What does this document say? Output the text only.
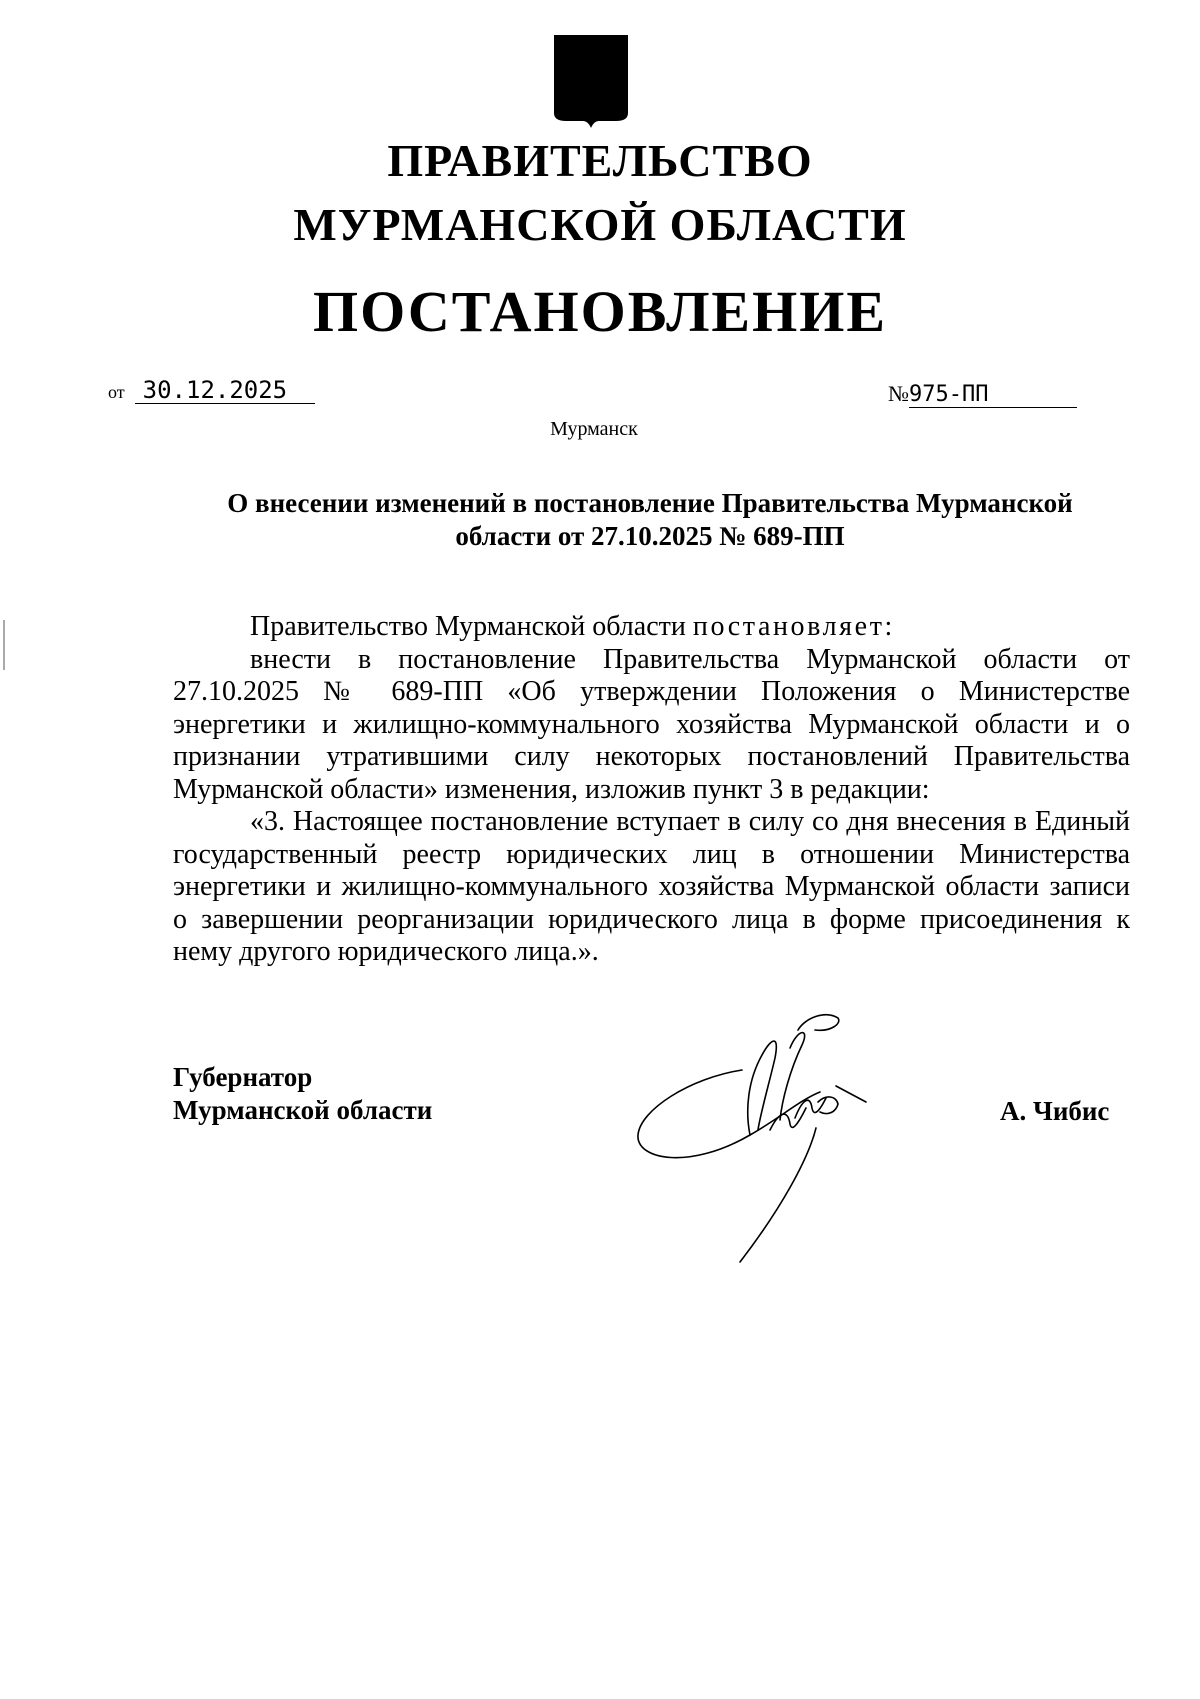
ПРАВИТЕЛЬСТВО
МУРМАНСКОЙ ОБЛАСТИ
ПОСТАНОВЛЕНИЕ
от 30.12.2025	№975-ПП
Мурманск
О внесении изменений в постановление Правительства Мурманской
области от 27.10.2025 № 689-ПП

Правительство Мурманской области постановляет:

внести в постановление Правительства Мурманской области от 27.10.2025 № 689-ПП «Об утверждении Положения о Министерстве энергетики и жилищно-коммунального хозяйства Мурманской области и о признании утратившими силу некоторых постановлений Правительства Мурманской области» изменения, изложив пункт 3 в редакции:

«3. Настоящее постановление вступает в силу со дня внесения в Единый государственный реестр юридических лиц в отношении Министерства энергетики и жилищно-коммунального хозяйства Мурманской области записи о завершении реорганизации юридического лица в форме присоединения к нему другого юридического лица.».

Губернатор
Мурманской области	А. Чибис
